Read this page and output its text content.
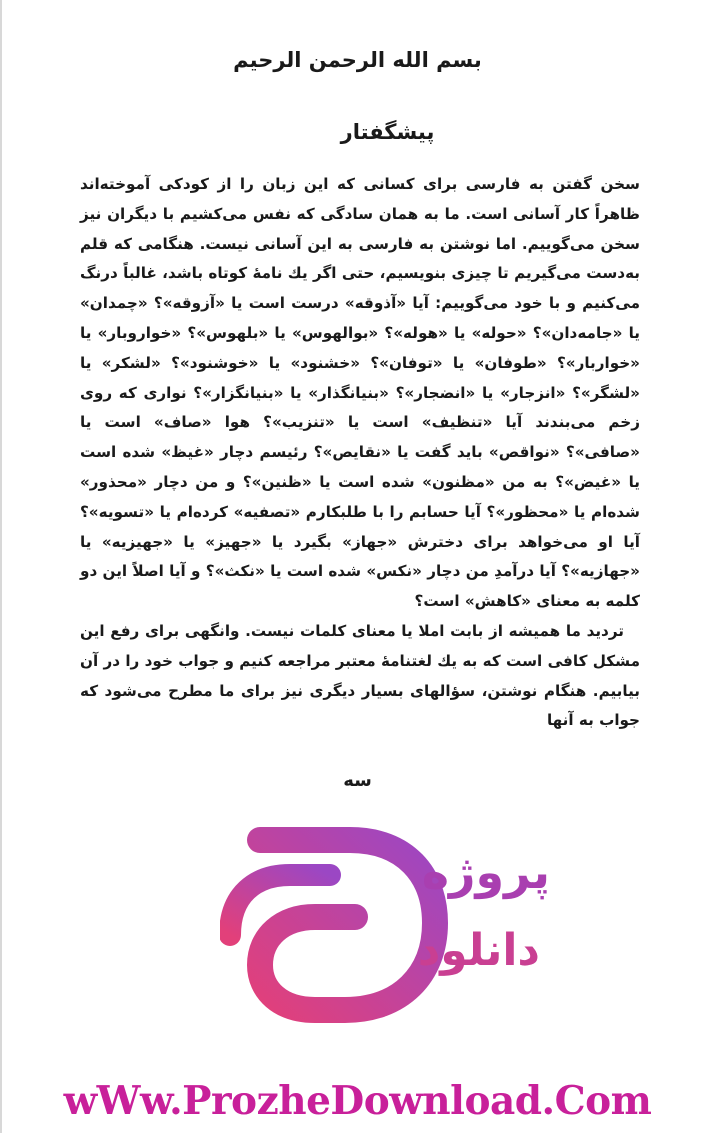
بسم الله الرحمن الرحیم
پیشگفتار

سخن گفتن به فارسی برای کسانی که این زبان را از کودکی آموخته‌اند ظاهراً کار آسانی است. ما به همان سادگی که نفس می‌کشیم با دیگران نیز سخن می‌گوییم. اما نوشتن به فارسی به این آسانی نیست. هنگامی که قلم به‌دست می‌گیریم تا چیزی بنویسیم، حتی اگر یك نامهٔ کوتاه باشد، غالباً درنگ می‌کنیم و با خود می‌گوییم: آیا «آذوقه» درست است یا «آزوقه»؟ «چمدان» یا «جامه‌دان»؟ «حوله» یا «هوله»؟ «بوالهوس» یا «بلهوس»؟ «خواروبار» یا «خواربار»؟ «طوفان» یا «توفان»؟ «خشنود» یا «خوشنود»؟ «لشکر» یا «لشگر»؟ «انزجار» یا «انضجار»؟ «بنیانگذار» یا «بنیانگزار»؟ نواری که روی زخم می‌بندند آیا «تنظیف» است یا «تنزیب»؟ هوا «صاف» است یا «صافی»؟ «نواقص» باید گفت یا «نقایص»؟ رئیسم دچار «غیظ» شده است یا «غیض»؟ به من «مظنون» شده است یا «ظنین»؟ و من دچار «محذور» شده‌ام یا «محظور»؟ آیا حسابم را با طلبکارم «تصفیه» کرده‌ام یا «تسویه»؟ آیا او می‌خواهد برای دخترش «جهاز» بگیرد یا «جهیز» یا «جهیزیه» یا «جهازیه»؟ آیا درآمدِ من دچار «نکس» شده است یا «نکث»؟ و آیا اصلاً این دو کلمه به معنای «کاهش» است؟

تردید ما همیشه از بابت املا یا معنای کلمات نیست. وانگهی برای رفع این مشکل کافی است که به یك لغتنامهٔ معتبر مراجعه کنیم و جواب خود را در آن بیابیم. هنگام نوشتن، سؤالهای بسیار دیگری نیز برای ما مطرح می‌شود که جواب به آنها

سه
پروژه
دانلود
wWw.ProzheDownload.Com
